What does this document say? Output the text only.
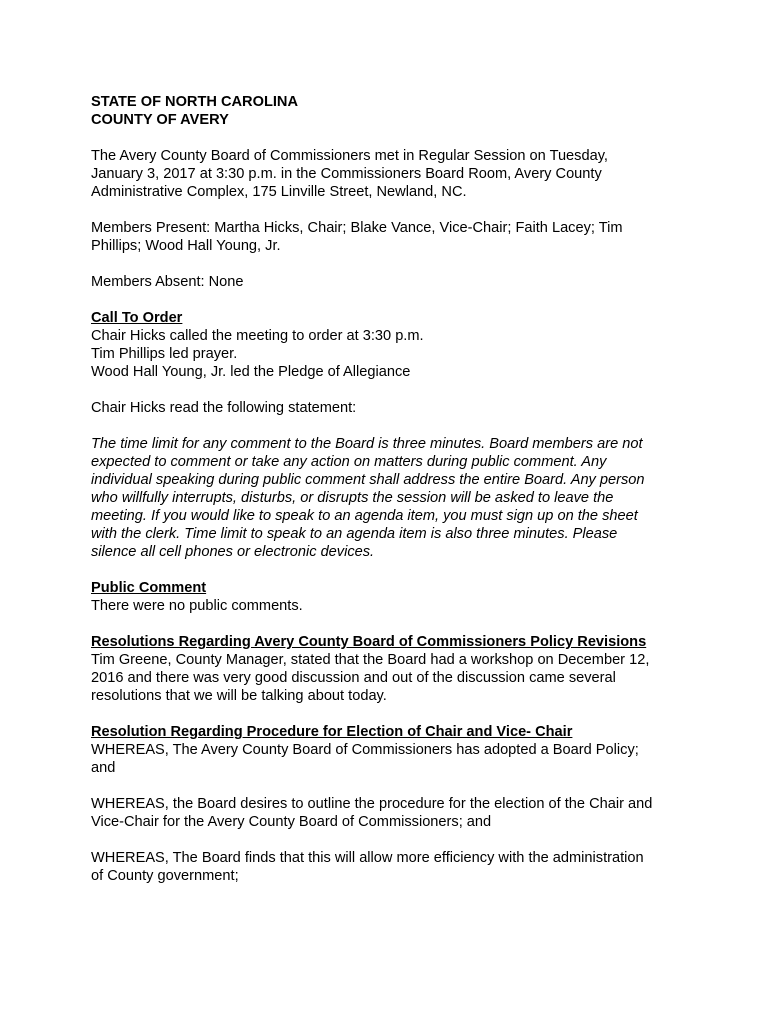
STATE OF NORTH CAROLINA
COUNTY OF AVERY
The Avery County Board of Commissioners met in Regular Session on Tuesday,
January 3, 2017 at 3:30 p.m. in the Commissioners Board Room, Avery County
Administrative Complex, 175 Linville Street, Newland, NC.
Members Present: Martha Hicks, Chair; Blake Vance, Vice-Chair; Faith Lacey; Tim
Phillips; Wood Hall Young, Jr.
Members Absent: None
Call To Order
Chair Hicks called the meeting to order at 3:30 p.m.
Tim Phillips led prayer.
Wood Hall Young, Jr. led the Pledge of Allegiance
Chair Hicks read the following statement:
The time limit for any comment to the Board is three minutes. Board members are not
expected to comment or take any action on matters during public comment. Any
individual speaking during public comment shall address the entire Board. Any person
who willfully interrupts, disturbs, or disrupts the session will be asked to leave the
meeting. If you would like to speak to an agenda item, you must sign up on the sheet
with the clerk. Time limit to speak to an agenda item is also three minutes. Please
silence all cell phones or electronic devices.
Public Comment
There were no public comments.
Resolutions Regarding Avery County Board of Commissioners Policy Revisions
Tim Greene, County Manager, stated that the Board had a workshop on December 12,
2016 and there was very good discussion and out of the discussion came several
resolutions that we will be talking about today.
Resolution Regarding Procedure for Election of Chair and Vice- Chair
WHEREAS, The Avery County Board of Commissioners has adopted a Board Policy;
and
WHEREAS, the Board desires to outline the procedure for the election of the Chair and
Vice-Chair for the Avery County Board of Commissioners; and
WHEREAS, The Board finds that this will allow more efficiency with the administration
of County government;
